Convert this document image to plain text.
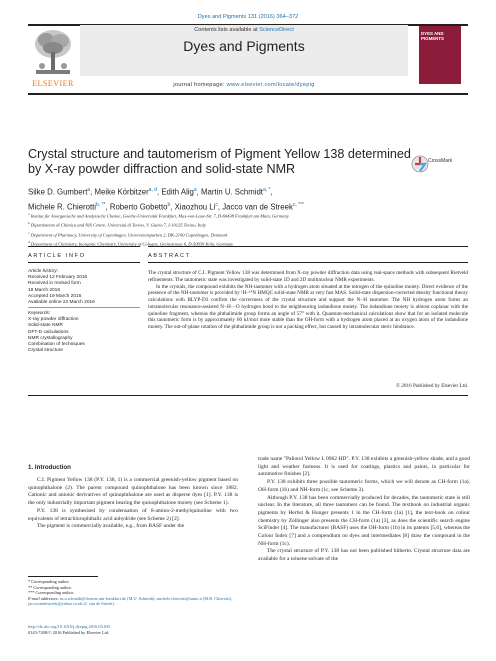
Dyes and Pigments 131 (2016) 364–372
Contents lists available at ScienceDirect
Dyes and Pigments
journal homepage: www.elsevier.com/locate/dyepig
ELSEVIER
DYES AND PIGMENTS
Crystal structure and tautomerism of Pigment Yellow 138 determined by X-ray powder diffraction and solid-state NMR
CrossMark
Silke D. Gumbert$^a$, Meike Körbitzer$^{a, d}$, Edith Alig$^a$, Martin U. Schmidt$^{a, *}$,
Michele R. Chierotti$^{b, **}$, Roberto Gobetto$^b$, Xiaozhou Li$^c$, Jacco van de Streek$^{c, ***}$
$^a$ Institut für Anorganische und Analytische Chemie, Goethe-Universität Frankfurt, Max-von-Laue-Str. 7, D-60438 Frankfurt am Main, Germany
$^b$ Dipartimento di Chimica and NIS Centre, Università di Torino, V. Giuria 7, I-10125 Torino, Italy
$^c$ Department of Pharmacy, University of Copenhagen, Universitetsparken 2, DK-2100 Copenhagen, Denmark
$^d$ Department of Chemistry, Inorganic Chemistry, University of Cologne, Greinstrasse 6, D-50939 Köln, Germany
ARTICLE INFO	ABSTRACT
Article history:
Received 12 February 2016
Received in revised form
18 March 2016
Accepted 19 March 2016
Available online 22 March 2016
Keywords:
X-ray powder diffraction
Solid-state NMR
DFT-D calculations
NMR crystallography
Combination of techniques
Crystal structure

The crystal structure of C.I. Pigment Yellow 138 was determined from X-ray powder diffraction data using real-space methods with subsequent Rietveld refinements. The tautomeric state was investigated by solid-state 1D and 2D multinuclear NMR experiments.

In the crystals, the compound exhibits the NH-tautomer with a hydrogen atom situated at the nitrogen of the quinoline moiety. Direct evidence of the presence of the NH-tautomer is provided by ¹H–¹⁴N HMQC solid-state NMR at very fast MAS. Solid-state dispersion-corrected density functional theory calculations with BLYP-D3 confirm the correctness of the crystal structure and support the N−H tautomer. The NH hydrogen atom forms an intramolecular resonance-assisted N−H···O hydrogen bond to the neighbouring indandione moiety. The indandione moiety is almost coplanar with the quinoline fragment, whereas the phthalimide group forms an angle of 57° with it. Quantum-mechanical calculations show that for an isolated molecule this tautomeric form is by approximately 60 kJ/mol more stable than the OH-form with a hydrogen atom placed at an oxygen atom of the indandione moiety. The out-of-plane rotation of the phthalimide group is not a packing effect, but caused by intramolecular steric hindrance.

© 2016 Published by Elsevier Ltd.
1. Introduction

C.I. Pigment Yellow 138 (P.Y. 138, 1) is a commercial greenish-yellow pigment based on quinophthalone (2). The parent compound quinophthalone has been known since 1882. Cationic and anionic derivatives of quinophthalone are used as disperse dyes [1]. P.Y. 138 is the only industrially important pigment bearing the quinophthalone moiety (see Scheme 1).

P.Y. 138 is synthesised by condensation of 8-amino-2-methylquinoline with two equivalents of tetrachlorophthalic acid anhydride (see Scheme 2) [2].

The pigment is commercially available, e.g., from BASF under the

trade name "Paliotol Yellow L 0962 HD". P.Y. 138 exhibits a greenish-yellow shade, and a good light and weather fastness. It is used for coatings, plastics and paints, in particular for automotive finishes [2].

P.Y. 138 exhibits three possible tautomeric forms, which we will denote as CH-form (1a), OH-form (1b) and NH-form (1c, see Scheme 3).

Although P.Y. 138 has been commercially produced for decades, the tautomeric state is still unclear. In the literature, all three tautomers can be found. The textbook on industrial organic pigments by Herbst & Hunger presents 1 in the CH-form (1a) [1], the text-book on colour chemistry by Zollinger also presents the CH-form (1a) [3], as does the scientific search engine SciFinder [4]. The manufacturer (BASF) uses the OH-form (1b) in its patents [5,6], whereas the Colour Index [7] and a compendium on dyes and intermediates [8] draw the compound in the NH-form (1c).

The crystal structure of P.Y. 138 has not been published hitherto. Crystal structure data are available for a toluene solvate of the

* Corresponding author.
** Corresponding author.
*** Corresponding author.
E-mail addresses: m.u.schmidt@chemie.uni-frankfurt.de (M.U. Schmidt), michele.chierotti@unito.it (M.R. Chierotti), jaccovandestreek@yahoo.co.uk (J. van de Streek).
http://dx.doi.org/10.1016/j.dyepig.2016.03.035
0143-7208/© 2016 Published by Elsevier Ltd.
